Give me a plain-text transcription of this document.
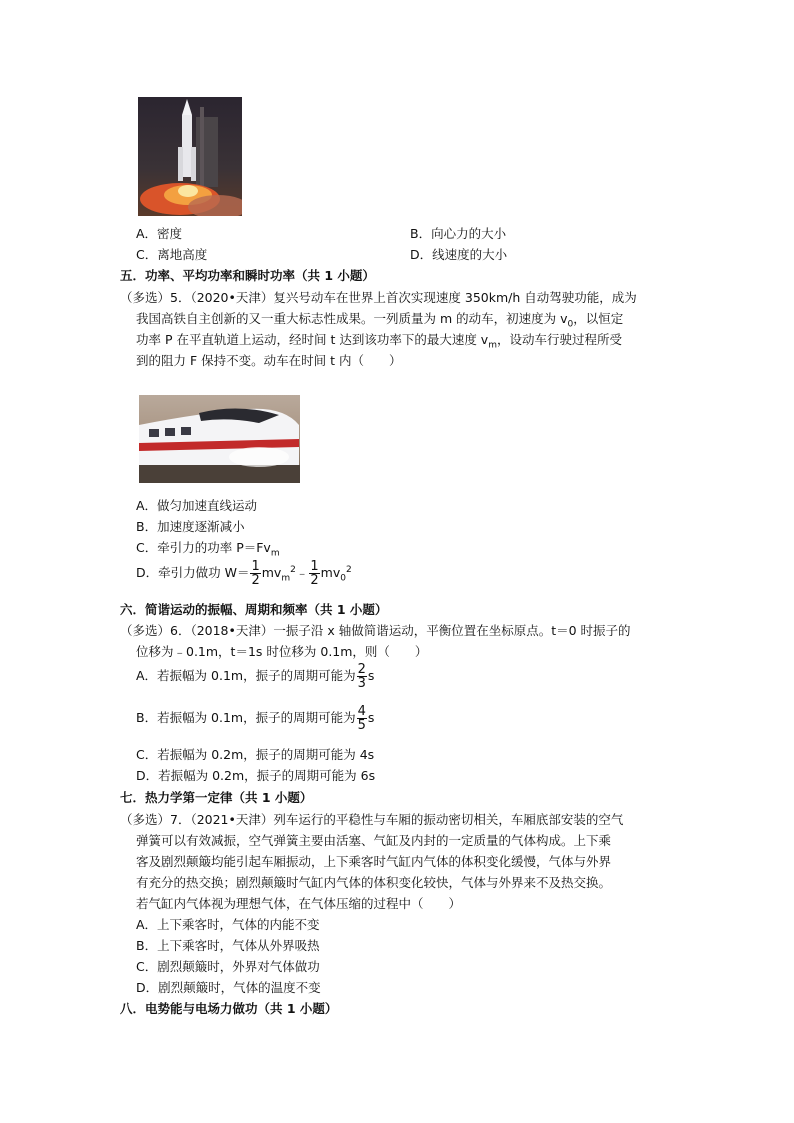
A．密度	B．向心力的大小
C．离地高度	D．线速度的大小
五．功率、平均功率和瞬时功率（共 1 小题）
（多选）5．（2020•天津）复兴号动车在世界上首次实现速度 350km/h 自动驾驶功能，成为
我国高铁自主创新的又一重大标志性成果。一列质量为 m 的动车，初速度为 $v_0$，以恒定
功率 P 在平直轨道上运动，经时间 t 达到该功率下的最大速度 $v_m$，设动车行驶过程所受
到的阻力 F 保持不变。动车在时间 t 内（　　）
A．做匀加速直线运动
B．加速度逐渐减小
C．牵引力的功率 $P=Fv_m$
D．牵引力做功 $W= \frac{1}{2}$ $mv_m^2﹣ \frac{1}{2} mv_0^2$
六．简谐运动的振幅、周期和频率（共 1 小题）
（多选）6．（2018•天津）一振子沿 x 轴做简谐运动，平衡位置在坐标原点。t＝0 时振子的
位移为﹣0.1m，t＝1s 时位移为 0.1m，则（　　）
A．若振幅为 0.1m，振子的周期可能为 $\frac{2}{3}$ s
B．若振幅为 0.1m，振子的周期可能为 $\frac{4}{5}$ s
C．若振幅为 0.2m，振子的周期可能为 4s
D．若振幅为 0.2m，振子的周期可能为 6s
七．热力学第一定律（共 1 小题）
（多选）7．（2021•天津）列车运行的平稳性与车厢的振动密切相关，车厢底部安装的空气
弹簧可以有效减振，空气弹簧主要由活塞、气缸及内封的一定质量的气体构成。上下乘
客及剧烈颠簸均能引起车厢振动，上下乘客时气缸内气体的体积变化缓慢，气体与外界
有充分的热交换；剧烈颠簸时气缸内气体的体积变化较快，气体与外界来不及热交换。
若气缸内气体视为理想气体，在气体压缩的过程中（　　）
A．上下乘客时，气体的内能不变
B．上下乘客时，气体从外界吸热
C．剧烈颠簸时，外界对气体做功
D．剧烈颠簸时，气体的温度不变
八．电势能与电场力做功（共 1 小题）
